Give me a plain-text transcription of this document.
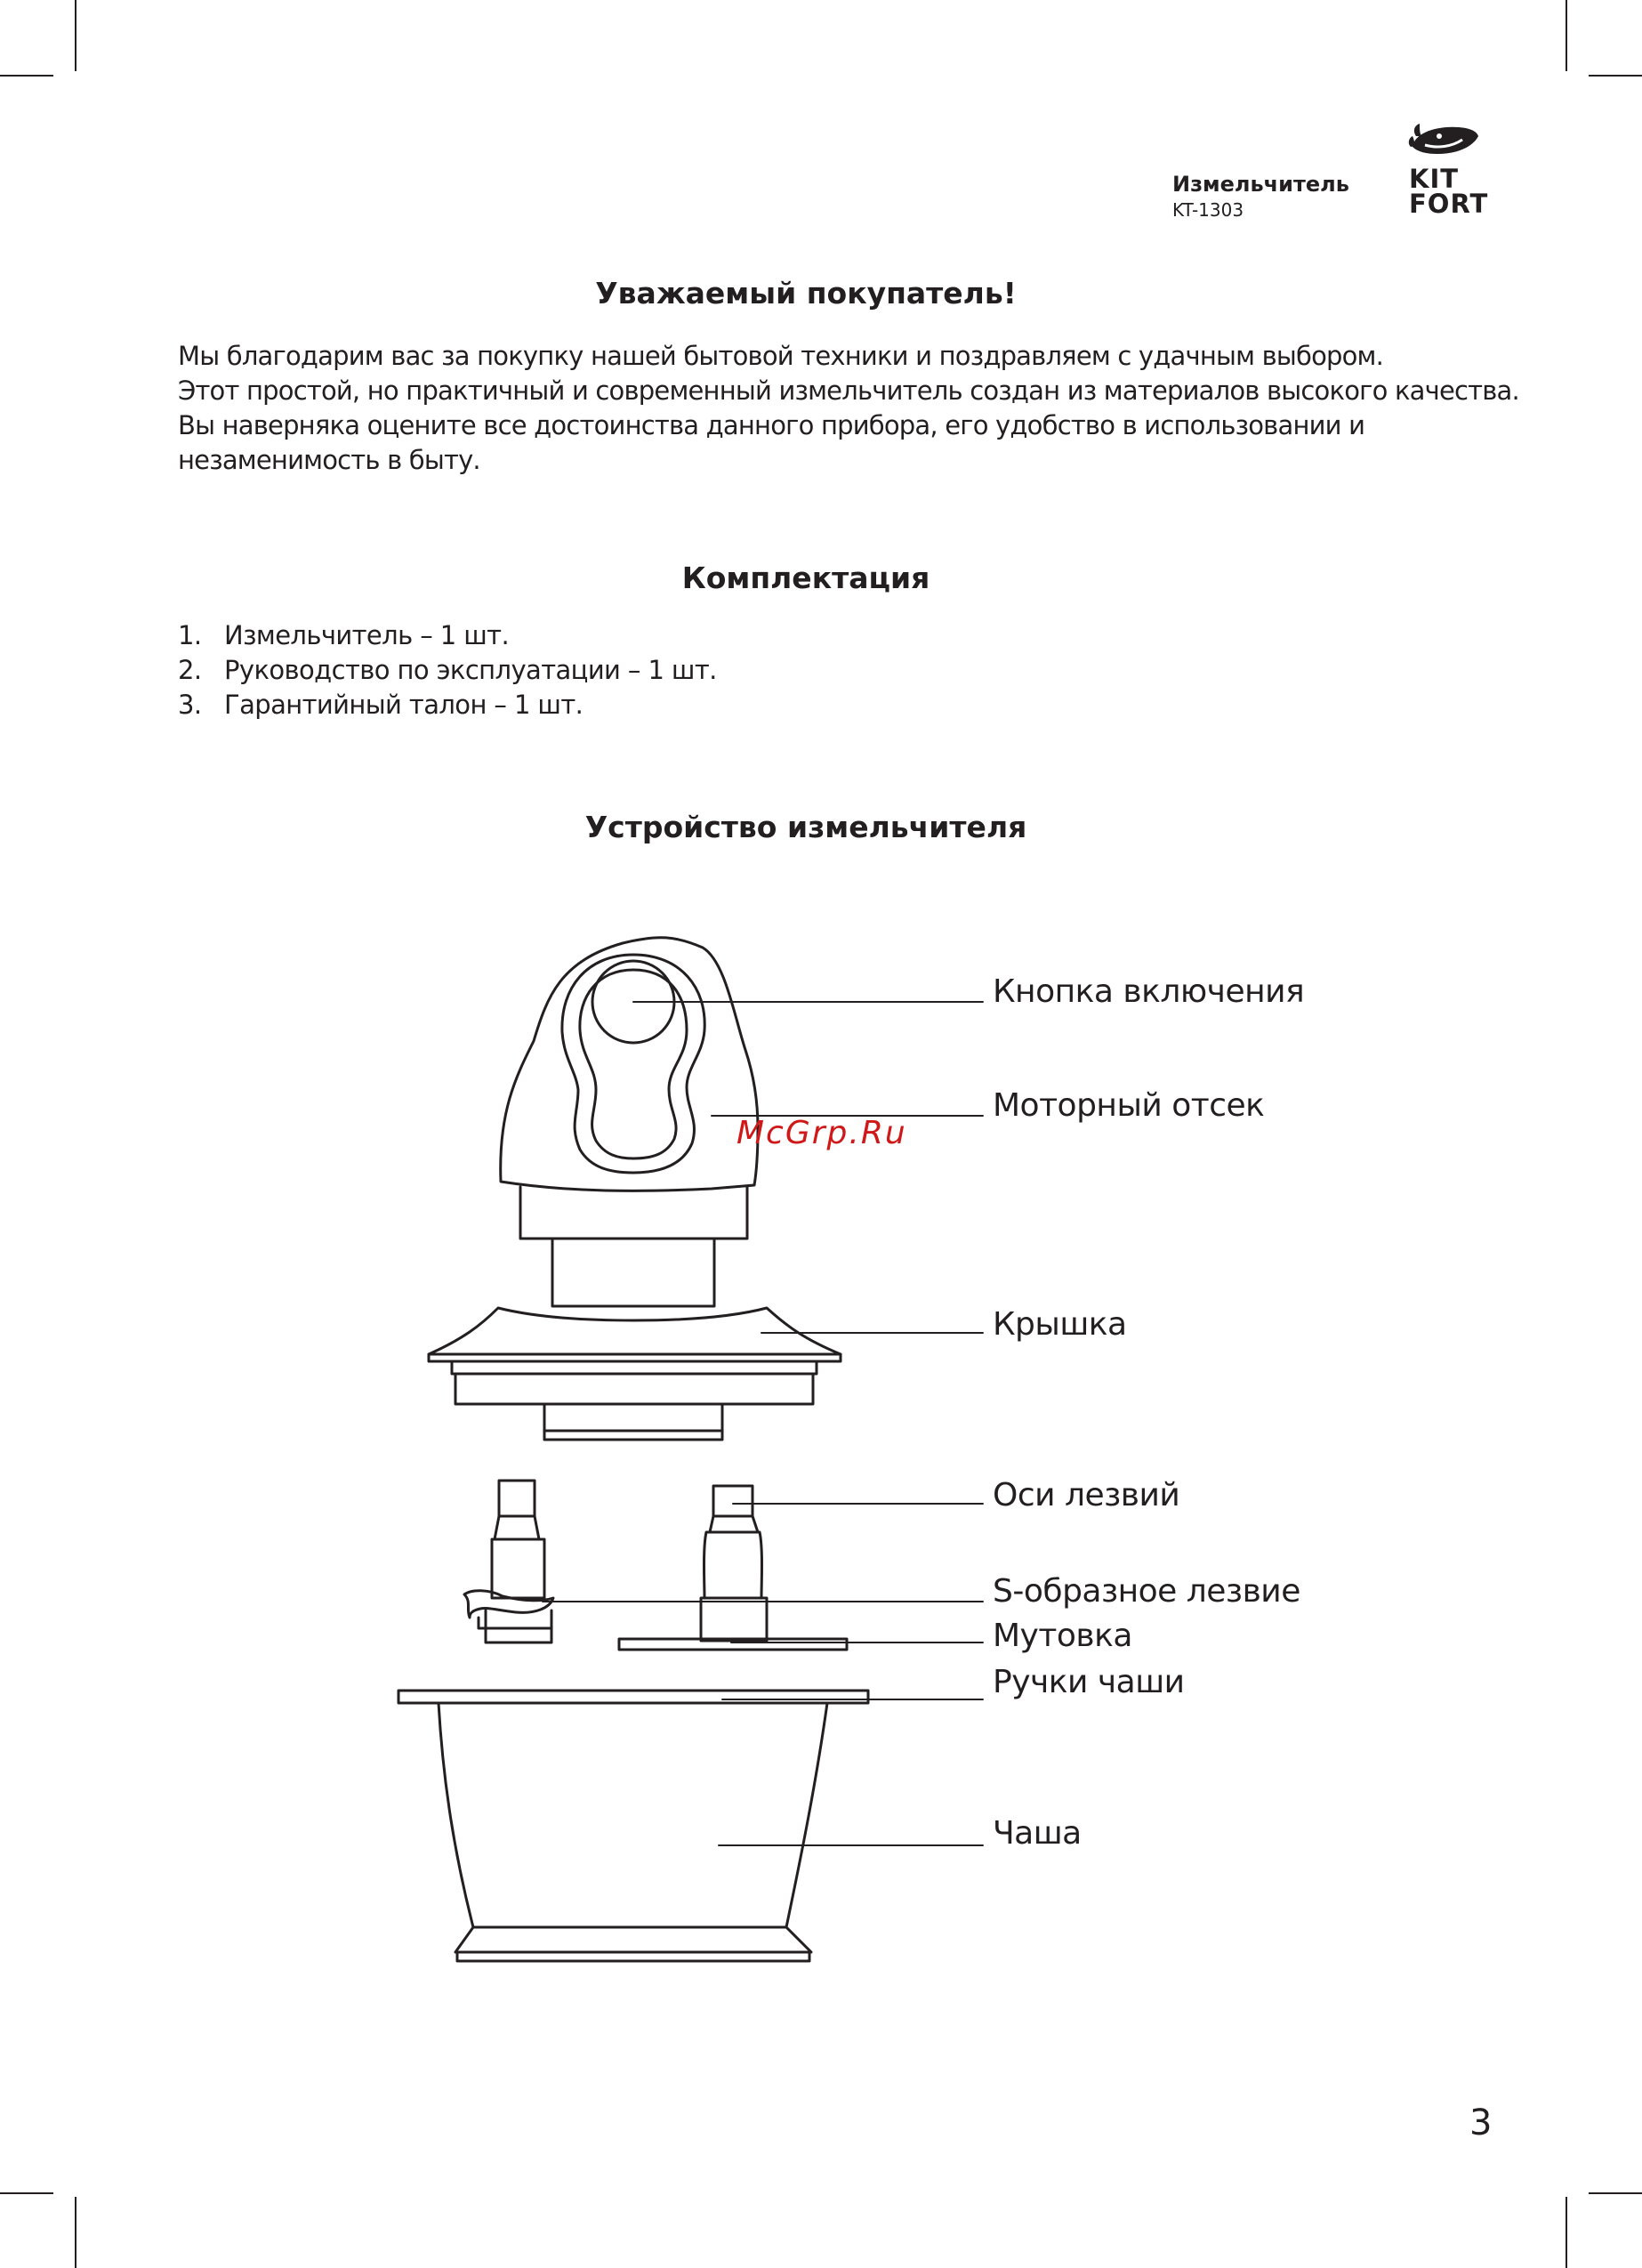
Измельчитель
KT-1303
KIT
FORT
Уважаемый покупатель!
Мы благодарим вас за покупку нашей бытовой техники и поздравляем с удачным выбором.
Этот простой, но практичный и современный измельчитель создан из материалов высокого качества.
Вы наверняка оцените все достоинства данного прибора, его удобство в использовании и
незаменимость в быту.
Комплектация
1. Измельчитель – 1 шт.
2. Руководство по эксплуатации – 1 шт.
3. Гарантийный талон – 1 шт.
Устройство измельчителя
Кнопка включения
Моторный отсек
Крышка
Оси лезвий
S-образное лезвие
Мутовка
Ручки чаши
Чаша
McGrp.Ru
3
